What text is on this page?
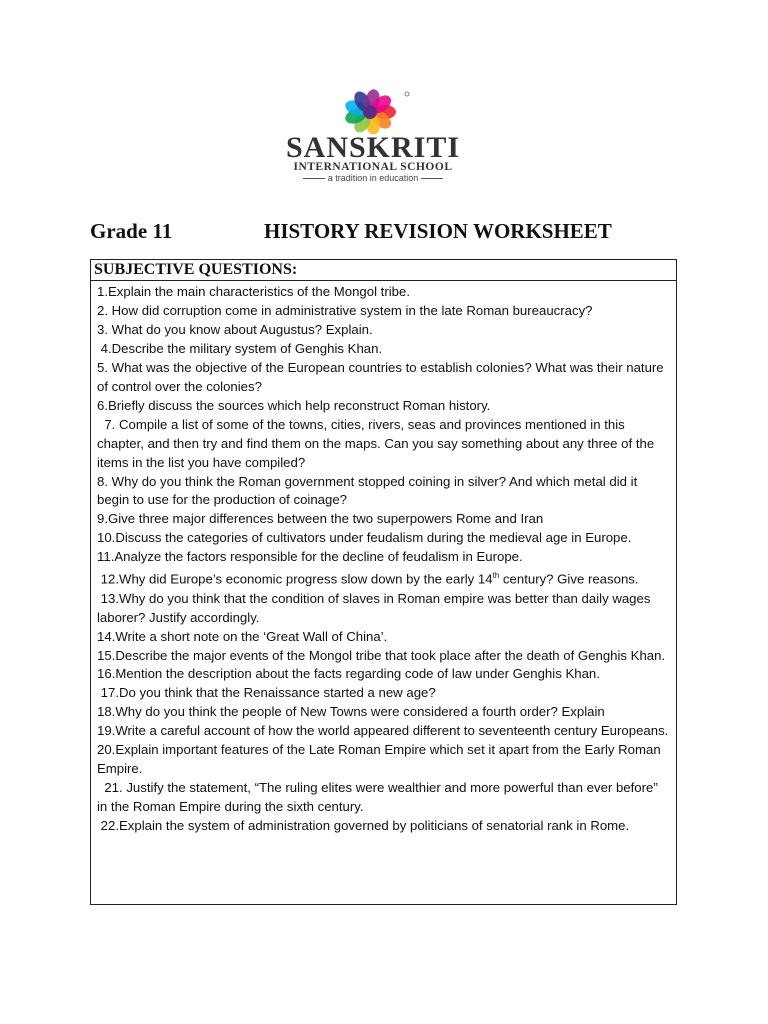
SANSKRITI
INTERNATIONAL SCHOOL
a tradition in education
Grade 11	HISTORY REVISION WORKSHEET
SUBJECTIVE QUESTIONS:

1.Explain the main characteristics of the Mongol tribe.

2. How did corruption come in administrative system in the late Roman bureaucracy?

3. What do you know about Augustus? Explain.

4.Describe the military system of Genghis Khan.

5. What was the objective of the European countries to establish colonies? What was their nature of control over the colonies?

6.Briefly discuss the sources which help reconstruct Roman history.

7. Compile a list of some of the towns, cities, rivers, seas and provinces mentioned in this chapter, and then try and find them on the maps. Can you say something about any three of the items in the list you have compiled?

8. Why do you think the Roman government stopped coining in silver? And which metal did it begin to use for the production of coinage?

9.Give three major differences between the two superpowers Rome and Iran

10.Discuss the categories of cultivators under feudalism during the medieval age in Europe.

11.Analyze the factors responsible for the decline of feudalism in Europe.

12.Why did Europe’s economic progress slow down by the early 14th century? Give reasons.

13.Why do you think that the condition of slaves in Roman empire was better than daily wages laborer? Justify accordingly.

14.Write a short note on the ‘Great Wall of China’.

15.Describe the major events of the Mongol tribe that took place after the death of Genghis Khan.

16.Mention the description about the facts regarding code of law under Genghis Khan.

17.Do you think that the Renaissance started a new age?

18.Why do you think the people of New Towns were considered a fourth order? Explain

19.Write a careful account of how the world appeared different to seventeenth century Europeans.

20.Explain important features of the Late Roman Empire which set it apart from the Early Roman Empire.

21. Justify the statement, “The ruling elites were wealthier and more powerful than ever before” in the Roman Empire during the sixth century.

22.Explain the system of administration governed by politicians of senatorial rank in Rome.
